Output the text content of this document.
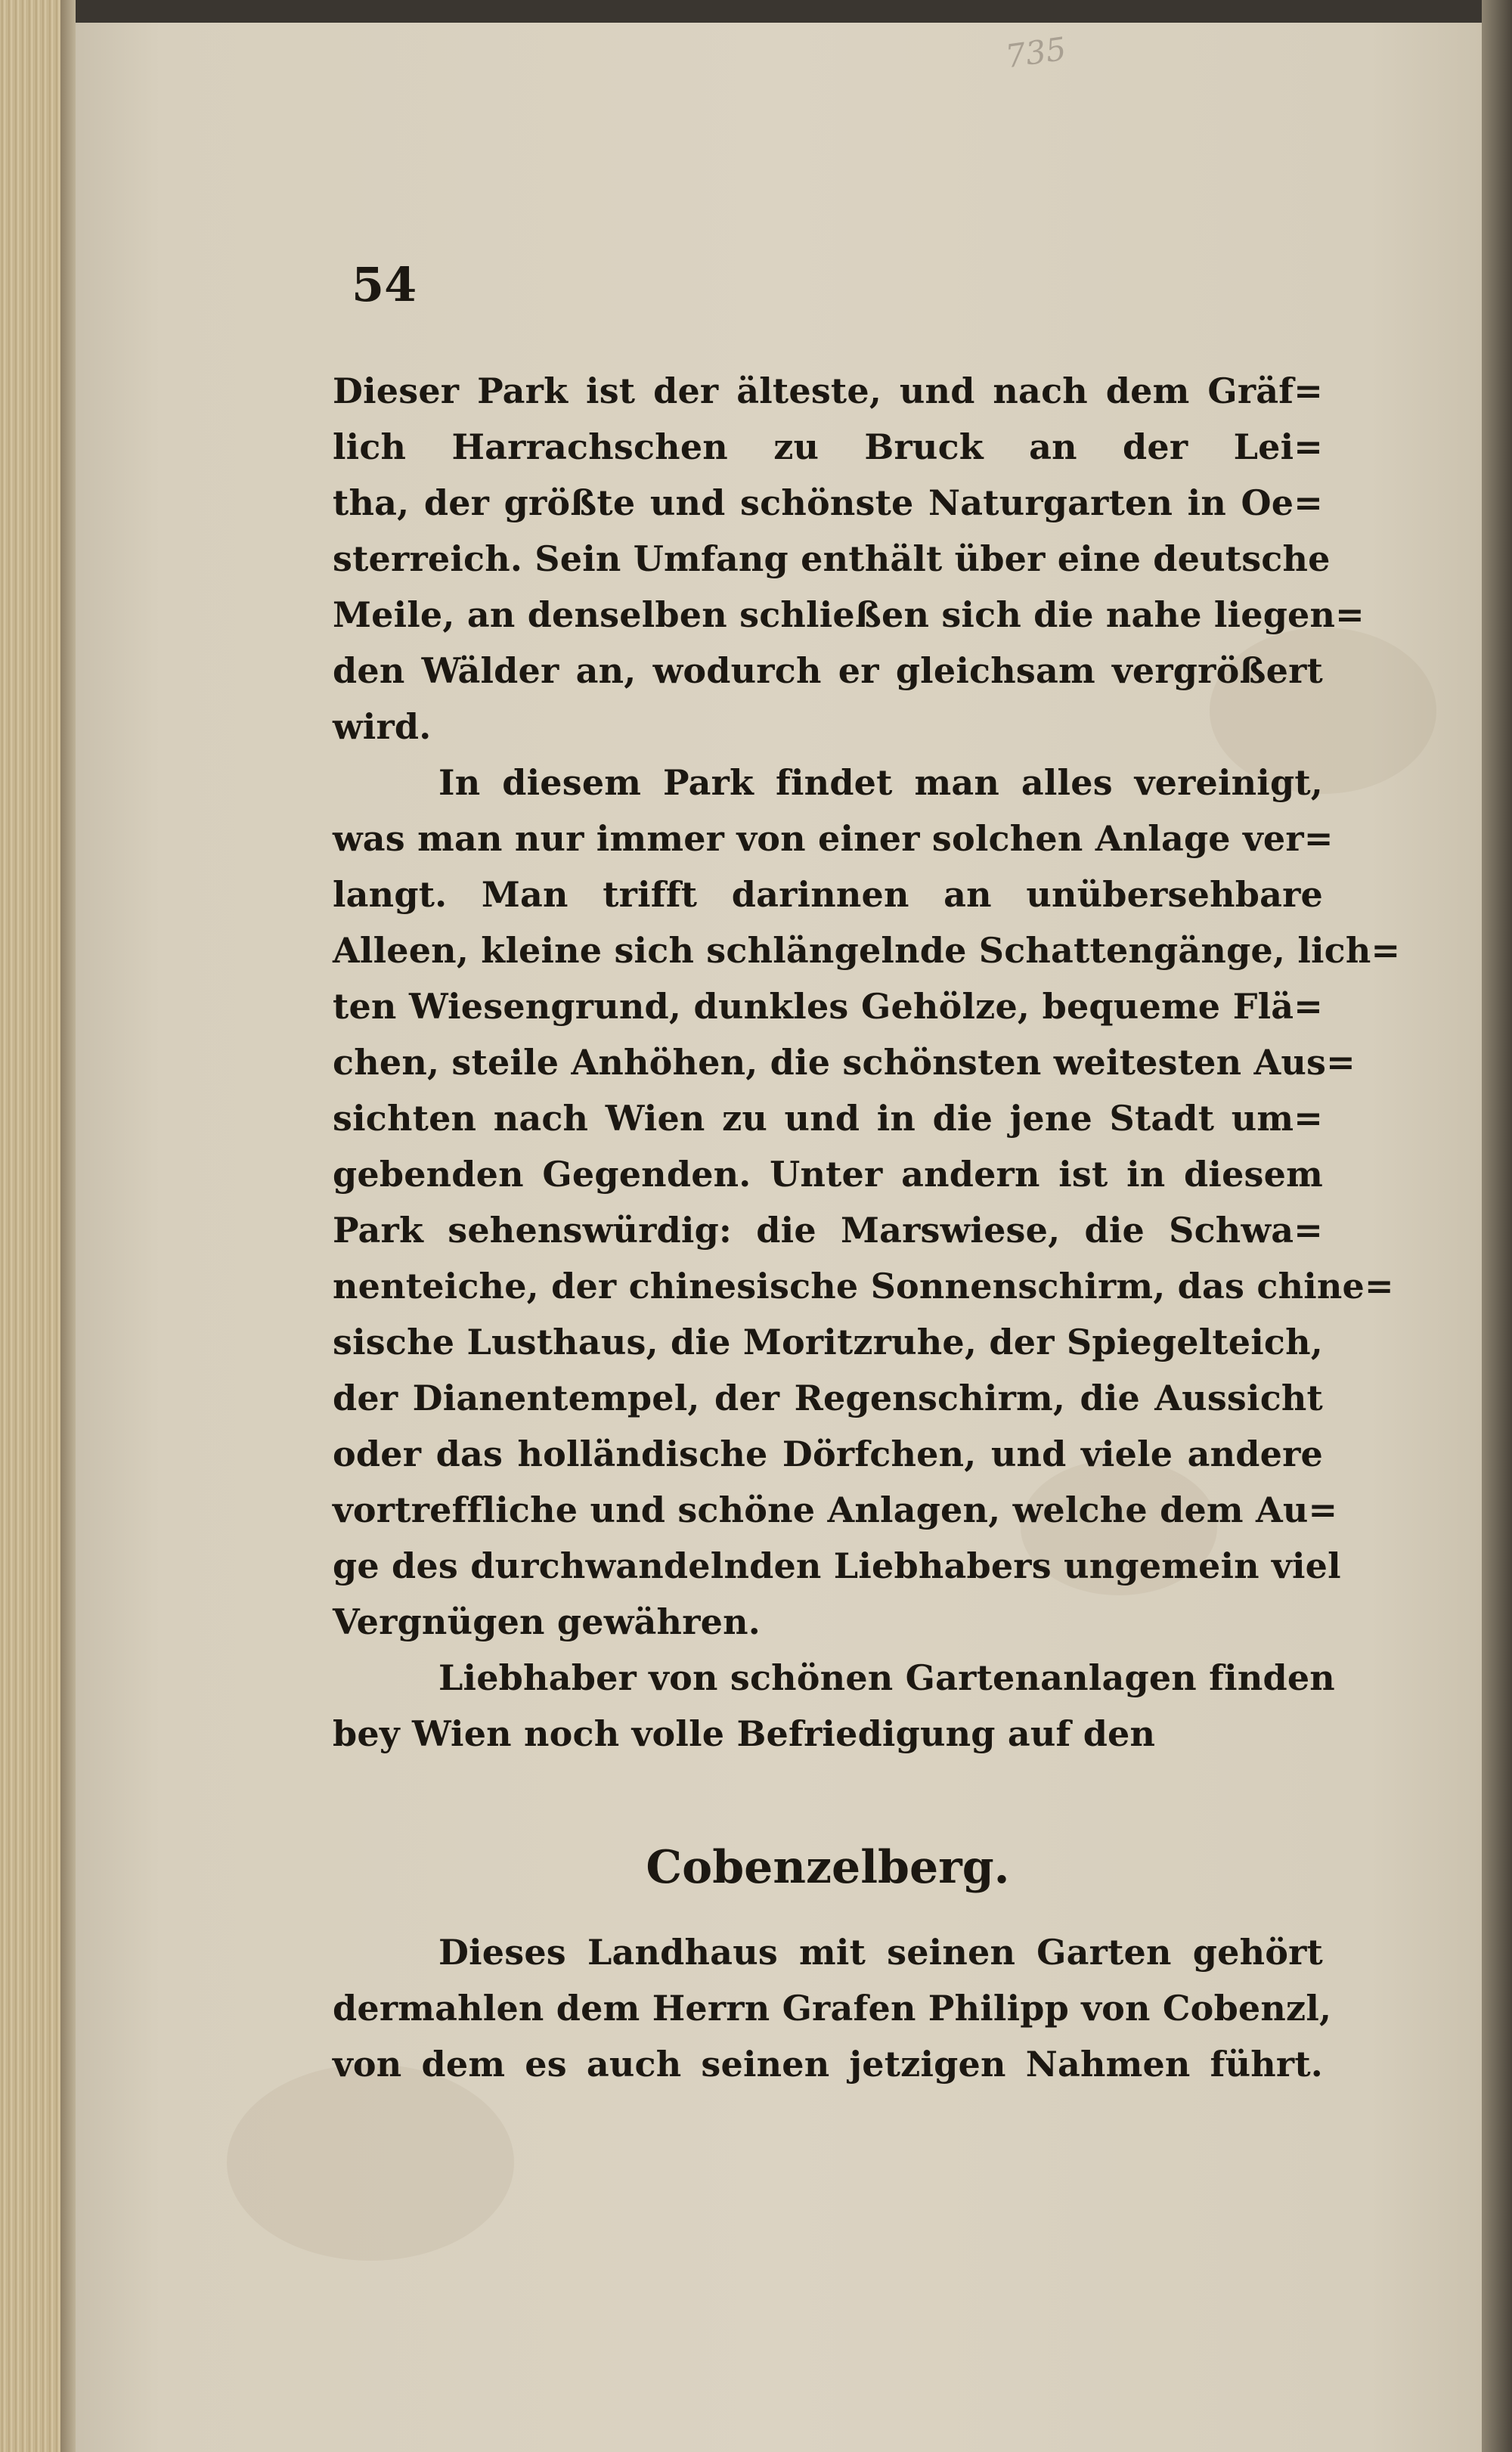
735
54
Dieser Park ist der älteste, und nach dem Gräf=
lich Harrachschen zu Bruck an der Lei=
tha, der größte und schönste Naturgarten in Oe=
sterreich. Sein Umfang enthält über eine deutsche
Meile, an denselben schließen sich die nahe liegen=
den Wälder an, wodurch er gleichsam vergrößert
wird.
In diesem Park findet man alles vereinigt,
was man nur immer von einer solchen Anlage ver=
langt. Man trifft darinnen an unübersehbare
Alleen, kleine sich schlängelnde Schattengänge, lich=
ten Wiesengrund, dunkles Gehölze, bequeme Flä=
chen, steile Anhöhen, die schönsten weitesten Aus=
sichten nach Wien zu und in die jene Stadt um=
gebenden Gegenden. Unter andern ist in diesem
Park sehenswürdig: die Marswiese, die Schwa=
nenteiche, der chinesische Sonnenschirm, das chine=
sische Lusthaus, die Moritzruhe, der Spiegelteich,
der Dianentempel, der Regenschirm, die Aussicht
oder das holländische Dörfchen, und viele andere
vortreffliche und schöne Anlagen, welche dem Au=
ge des durchwandelnden Liebhabers ungemein viel
Vergnügen gewähren.
Liebhaber von schönen Gartenanlagen finden
bey Wien noch volle Befriedigung auf den
Cobenzelberg.
Dieses Landhaus mit seinen Garten gehört
dermahlen dem Herrn Grafen Philipp von Cobenzl,
von dem es auch seinen jetzigen Nahmen führt.
